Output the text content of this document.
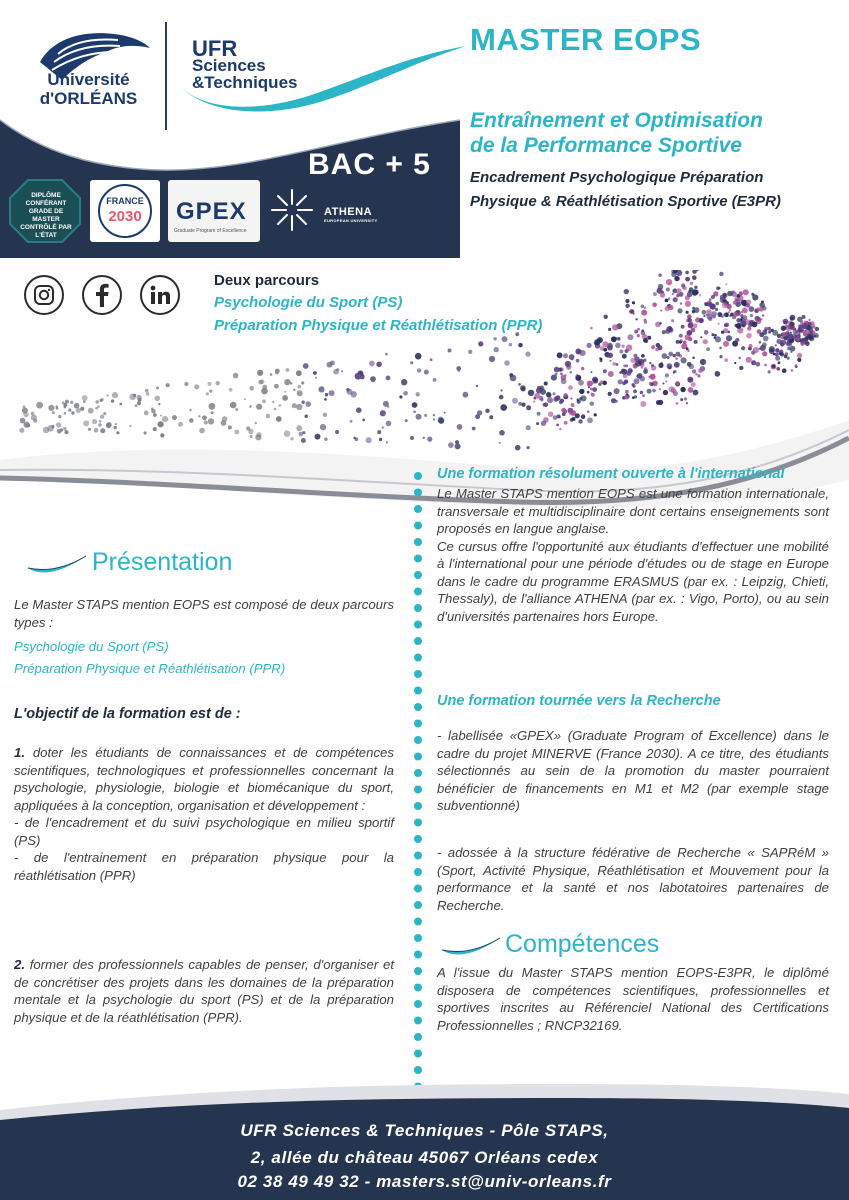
Université
d'ORLÉANS
UFR
Sciences
&Techniques
BAC + 5
DIPLÔME CONFÉRANT GRADE DE MASTER CONTRÔLÉ PAR L'ÉTAT
FRANCE
2030	GPEX
Graduate Program of Excellence
ATHENA
EUROPEAN UNIVERSITY
MASTER EOPS
Entraînement et Optimisation
de la Performance Sportive
Encadrement Psychologique Préparation
Physique & Réathlétisation Sportive (E3PR)
Deux parcours
Psychologie du Sport (PS)
Préparation Physique et Réathlétisation (PPR)
Présentation
Le Master STAPS mention EOPS est composé de deux parcours types :
Psychologie du Sport (PS)
Préparation Physique et Réathlétisation (PPR)
L'objectif de la formation est de :
1. doter les étudiants de connaissances et de compétences scientifiques, technologiques et professionnelles concernant la psychologie, physiologie, biologie et biomécanique du sport, appliquées à la conception, organisation et développement :
- de l'encadrement et du suivi psychologique en milieu sportif (PS)
- de l'entrainement en préparation physique pour la réathlétisation (PPR)
2. former des professionnels capables de penser, d'organiser et de concrétiser des projets dans les domaines de la préparation mentale et la psychologie du sport (PS) et de la préparation physique et de la réathlétisation (PPR).
Une formation résolument ouverte à l'international
Le Master STAPS mention EOPS est une formation internationale, transversale et multidisciplinaire dont certains enseignements sont proposés en langue anglaise.
Ce cursus offre l'opportunité aux étudiants d'effectuer une mobilité à l'international pour une période d'études ou de stage en Europe dans le cadre du programme ERASMUS (par ex. : Leipzig, Chieti, Thessaly), de l'alliance ATHENA (par ex. : Vigo, Porto), ou au sein d'universités partenaires hors Europe.
Une formation tournée vers la Recherche
- labellisée «GPEX» (Graduate Program of Excellence) dans le cadre du projet MINERVE (France 2030). A ce titre, des étudiants sélectionnés au sein de la promotion du master pourraient bénéficier de financements en M1 et M2 (par exemple stage subventionné)
- adossée à la structure fédérative de Recherche « SAPRéM » (Sport, Activité Physique, Réathlétisation et Mouvement pour la performance et la santé et nos labotatoires partenaires de Recherche.
Compétences
A l'issue du Master STAPS mention EOPS-E3PR, le diplômé disposera de compétences scientifiques, professionnelles et sportives inscrites au Référenciel National des Certifications Professionnelles ; RNCP32169.
UFR Sciences & Techniques - Pôle STAPS,
2, allée du château 45067 Orléans cedex
02 38 49 49 32 - masters.st@univ-orleans.fr
